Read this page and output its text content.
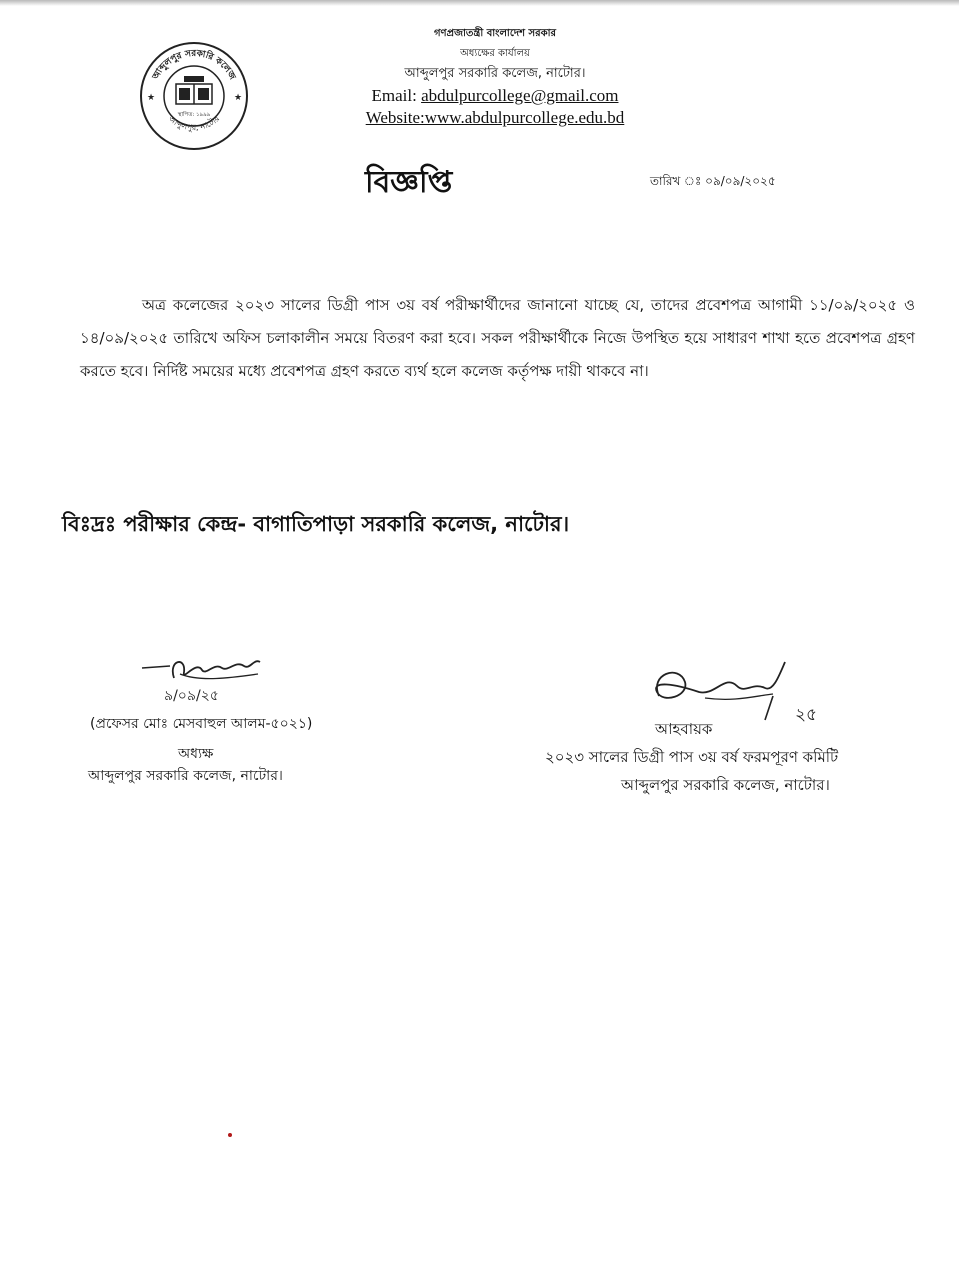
আব্দুলপুর সরকারি কলেজ
আব্দুলপুর, নাটোর
★	★
স্থাপিত: ১৯৯৯
গণপ্রজাতন্ত্রী বাংলাদেশ সরকার
অধ্যক্ষের কার্যালয়
আব্দুলপুর সরকারি কলেজ, নাটোর।
Email: abdulpurcollege@gmail.com
Website:www.abdulpurcollege.edu.bd
বিজ্ঞপ্তি	তারিখ ঃ ০৯/০৯/২০২৫

অত্র কলেজের ২০২৩ সালের ডিগ্রী পাস ৩য় বর্ষ পরীক্ষার্থীদের জানানো যাচ্ছে যে, তাদের প্রবেশপত্র আগামী ১১/০৯/২০২৫ ও ১৪/০৯/২০২৫ তারিখে অফিস চলাকালীন সময়ে বিতরণ করা হবে। সকল পরীক্ষার্থীকে নিজে উপস্থিত হয়ে সাধারণ শাখা হতে প্রবেশপত্র গ্রহণ করতে হবে। নির্দিষ্ট সময়ের মধ্যে প্রবেশপত্র গ্রহণ করতে ব্যর্থ হলে কলেজ কর্তৃপক্ষ দায়ী থাকবে না।

বিঃদ্রঃ পরীক্ষার কেন্দ্র- বাগাতিপাড়া সরকারি কলেজ, নাটোর।
৯/০৯/২৫
(প্রফেসর মোঃ মেসবাহুল আলম-৫০২১)
অধ্যক্ষ
আব্দুলপুর সরকারি কলেজ, নাটোর।
২৫
আহবায়ক
২০২৩ সালের ডিগ্রী পাস ৩য় বর্ষ ফরমপূরণ কমিটি
আব্দুলপুর সরকারি কলেজ, নাটোর।
